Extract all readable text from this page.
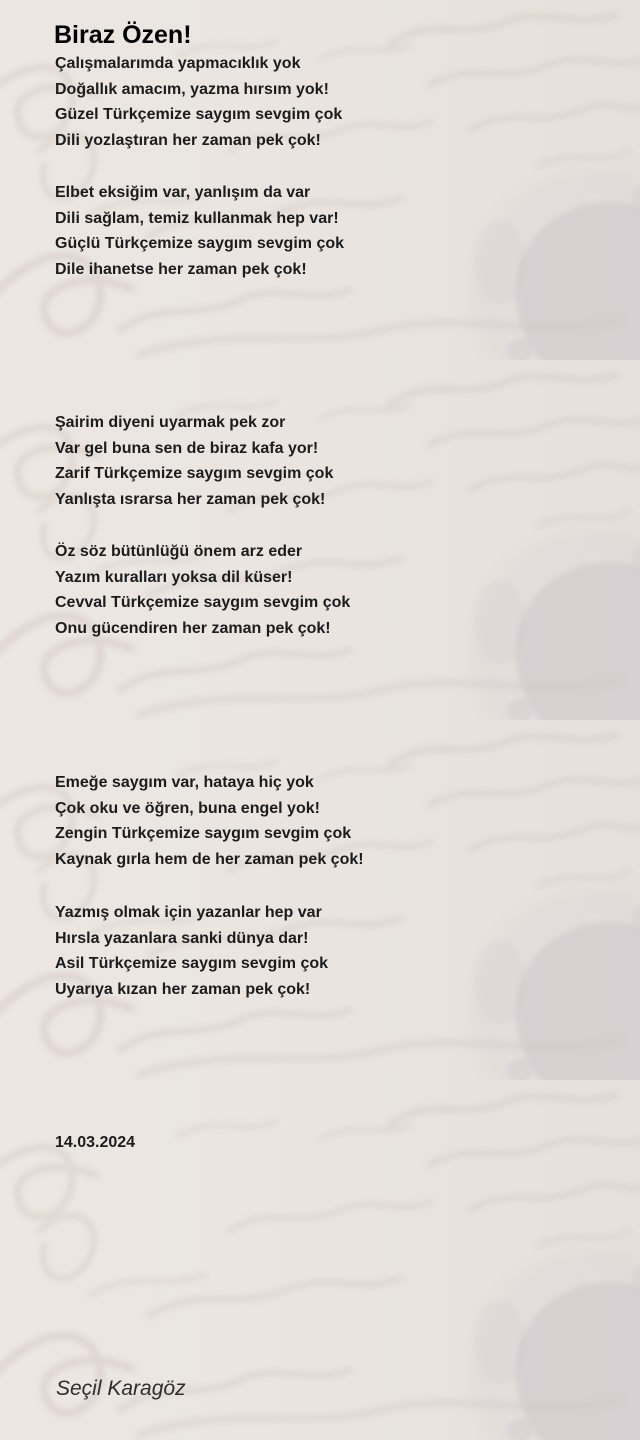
Biraz Özen!
Çalışmalarımda yapmacıklık yok
Doğallık amacım, yazma hırsım yok!
Güzel Türkçemize saygım sevgim çok
Dili yozlaştıran her zaman pek çok!
Elbet eksiğim var, yanlışım da var
Dili sağlam, temiz kullanmak hep var!
Güçlü Türkçemize saygım sevgim çok
Dile ihanetse her zaman pek çok!
Şairim diyeni uyarmak pek zor
Var gel buna sen de biraz kafa yor!
Zarif Türkçemize saygım sevgim çok
Yanlışta ısrarsa her zaman pek çok!
Öz söz bütünlüğü önem arz eder
Yazım kuralları yoksa dil küser!
Cevval Türkçemize saygım sevgim çok
Onu gücendiren her zaman pek çok!
Emeğe saygım var, hataya hiç yok
Çok oku ve öğren, buna engel yok!
Zengin Türkçemize saygım sevgim çok
Kaynak gırla hem de her zaman pek çok!
Yazmış olmak için yazanlar hep var
Hırsla yazanlara sanki dünya dar!
Asil Türkçemize saygım sevgim çok
Uyarıya kızan her zaman pek çok!
14.03.2024
Seçil Karagöz
